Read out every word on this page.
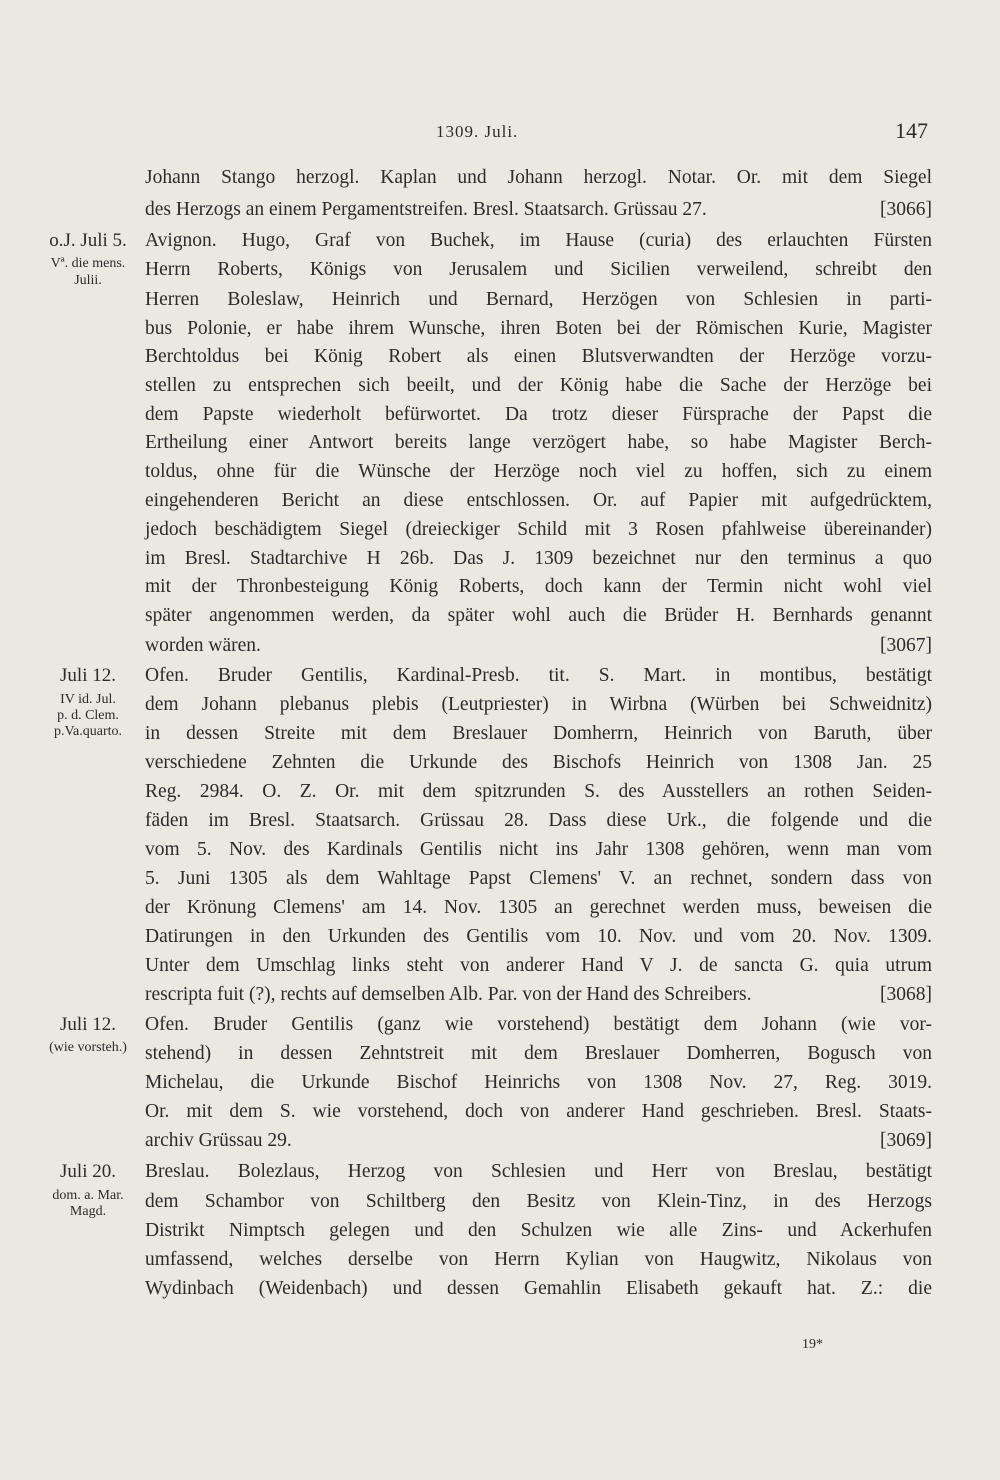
1309. Juli.	147
Johann Stango herzogl. Kaplan und Johann herzogl. Notar. Or. mit dem Siegel
des Herzogs an einem Pergamentstreifen. Bresl. Staatsarch. Grüssau 27.	[3066]
o.J. Juli 5.
Vª. die mens.
Julii.
Avignon. Hugo, Graf von Buchek, im Hause (curia) des erlauchten Fürsten
Herrn Roberts, Königs von Jerusalem und Sicilien verweilend, schreibt den
Herren Boleslaw, Heinrich und Bernard, Herzögen von Schlesien in parti-
bus Polonie, er habe ihrem Wunsche, ihren Boten bei der Römischen Kurie, Magister
Berchtoldus bei König Robert als einen Blutsverwandten der Herzöge vorzu-
stellen zu entsprechen sich beeilt, und der König habe die Sache der Herzöge bei
dem Papste wiederholt befürwortet. Da trotz dieser Fürsprache der Papst die
Ertheilung einer Antwort bereits lange verzögert habe, so habe Magister Berch-
toldus, ohne für die Wünsche der Herzöge noch viel zu hoffen, sich zu einem
eingehenderen Bericht an diese entschlossen. Or. auf Papier mit aufgedrücktem,
jedoch beschädigtem Siegel (dreieckiger Schild mit 3 Rosen pfahlweise übereinander)
im Bresl. Stadtarchive H 26b. Das J. 1309 bezeichnet nur den terminus a quo
mit der Thronbesteigung König Roberts, doch kann der Termin nicht wohl viel
später angenommen werden, da später wohl auch die Brüder H. Bernhards genannt
worden wären.	[3067]
Juli 12.
IV id. Jul.
p. d. Clem.
p.Va.quarto.
Ofen. Bruder Gentilis, Kardinal-Presb. tit. S. Mart. in montibus, bestätigt
dem Johann plebanus plebis (Leutpriester) in Wirbna (Würben bei Schweidnitz)
in dessen Streite mit dem Breslauer Domherrn, Heinrich von Baruth, über
verschiedene Zehnten die Urkunde des Bischofs Heinrich von 1308 Jan. 25
Reg. 2984. O. Z. Or. mit dem spitzrunden S. des Ausstellers an rothen Seiden-
fäden im Bresl. Staatsarch. Grüssau 28. Dass diese Urk., die folgende und die
vom 5. Nov. des Kardinals Gentilis nicht ins Jahr 1308 gehören, wenn man vom
5. Juni 1305 als dem Wahltage Papst Clemens' V. an rechnet, sondern dass von
der Krönung Clemens' am 14. Nov. 1305 an gerechnet werden muss, beweisen die
Datirungen in den Urkunden des Gentilis vom 10. Nov. und vom 20. Nov. 1309.
Unter dem Umschlag links steht von anderer Hand V J. de sancta G. quia utrum
rescripta fuit (?), rechts auf demselben Alb. Par. von der Hand des Schreibers.	[3068]
Juli 12.
(wie vorsteh.)
Ofen. Bruder Gentilis (ganz wie vorstehend) bestätigt dem Johann (wie vor-
stehend) in dessen Zehntstreit mit dem Breslauer Domherren, Bogusch von
Michelau, die Urkunde Bischof Heinrichs von 1308 Nov. 27, Reg. 3019.
Or. mit dem S. wie vorstehend, doch von anderer Hand geschrieben. Bresl. Staats-
archiv Grüssau 29.	[3069]
Juli 20.
dom. a. Mar.
Magd.
Breslau. Bolezlaus, Herzog von Schlesien und Herr von Breslau, bestätigt
dem Schambor von Schiltberg den Besitz von Klein-Tinz, in des Herzogs
Distrikt Nimptsch gelegen und den Schulzen wie alle Zins- und Ackerhufen
umfassend, welches derselbe von Herrn Kylian von Haugwitz, Nikolaus von
Wydinbach (Weidenbach) und dessen Gemahlin Elisabeth gekauft hat. Z.: die
19*
